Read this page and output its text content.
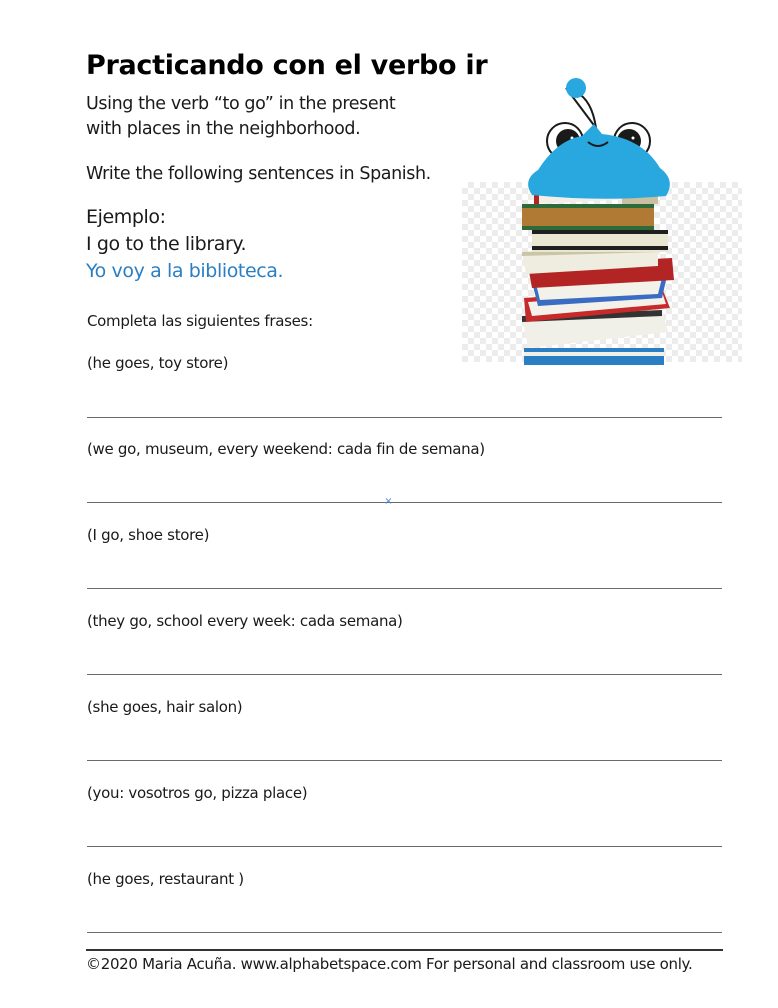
Practicando con el verbo ir
Using the verb “to go” in the present
with places in the neighborhood.
Write the following sentences in Spanish.
Ejemplo:
I go to the library.
Yo voy a la biblioteca.
Completa las siguientes frases:
(he goes, toy store)
(we go, museum, every weekend: cada fin de semana)
×
(I go, shoe store)
(they go, school every week: cada semana)
(she goes, hair salon)
(you: vosotros go, pizza place)
(he goes, restaurant )
©2020 Maria Acuña. www.alphabetspace.com For personal and classroom use only.
